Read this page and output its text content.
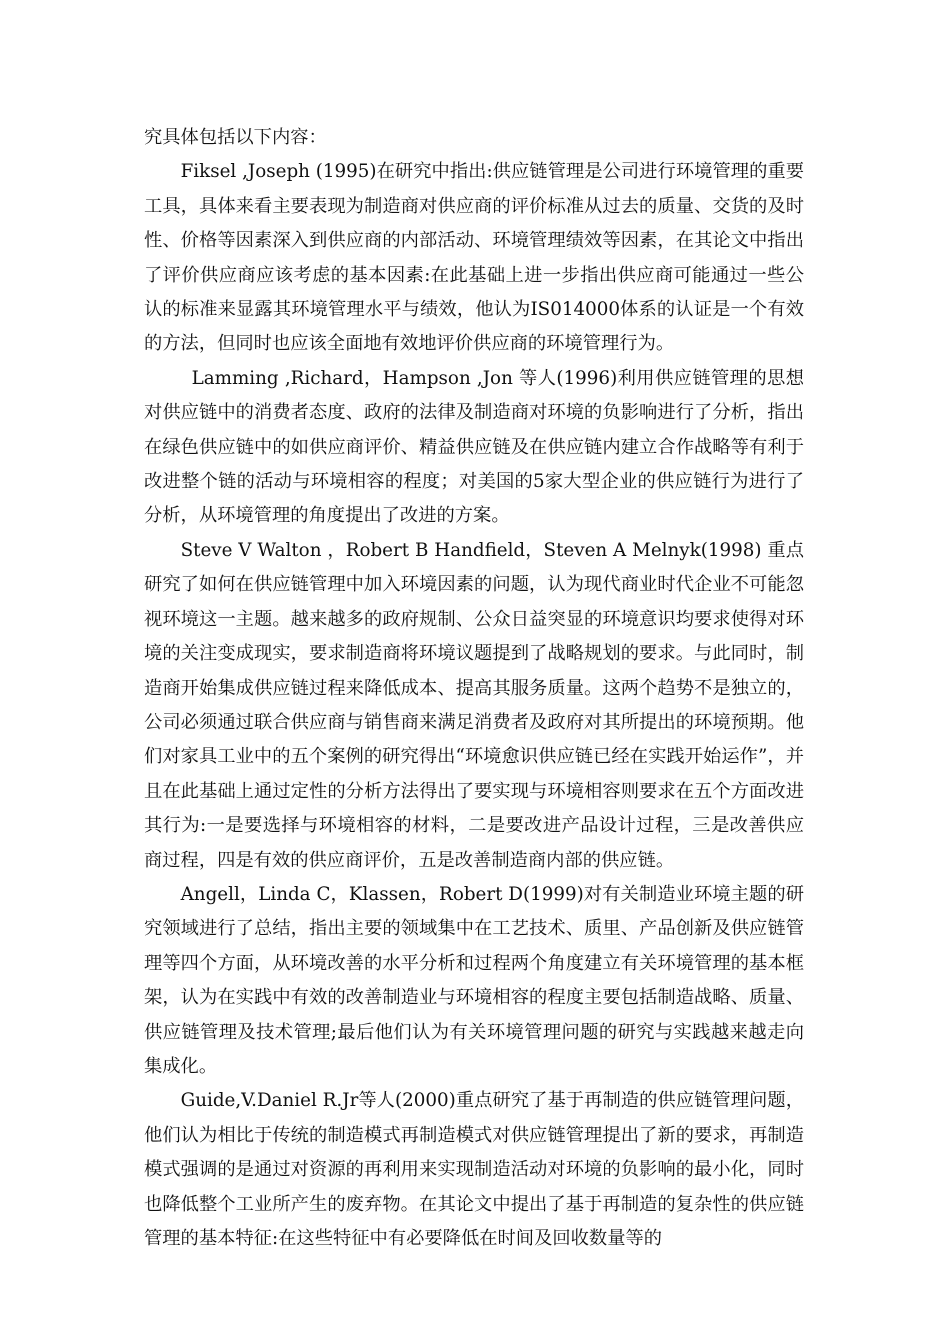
究具体包括以下内容：

Fiksel ,Joseph (1995)在研究中指出:供应链管理是公司进行环境管理的重要工具，具体来看主要表现为制造商对供应商的评价标准从过去的质量、交货的及时性、价格等因素深入到供应商的内部活动、环境管理绩效等因素，在其论文中指出了评价供应商应该考虑的基本因素:在此基础上进一步指出供应商可能通过一些公认的标准来显露其环境管理水平与绩效，他认为IS014000体系的认证是一个有效的方法，但同时也应该全面地有效地评价供应商的环境管理行为。

Lamming ,Richard，Hampson ,Jon 等人(1996)利用供应链管理的思想对供应链中的消费者态度、政府的法律及制造商对环境的负影响进行了分析，指出在绿色供应链中的如供应商评价、精益供应链及在供应链内建立合作战略等有利于改进整个链的活动与环境相容的程度；对美国的5家大型企业的供应链行为进行了分析，从环境管理的角度提出了改进的方案。

Steve V Walton ，Robert B Handfield，Steven A Melnyk(1998) 重点研究了如何在供应链管理中加入环境因素的问题，认为现代商业时代企业不可能忽视环境这一主题。越来越多的政府规制、公众日益突显的环境意识均要求使得对环境的关注变成现实，要求制造商将环境议题提到了战略规划的要求。与此同时，制造商开始集成供应链过程来降低成本、提高其服务质量。这两个趋势不是独立的，公司必须通过联合供应商与销售商来满足消费者及政府对其所提出的环境预期。他们对家具工业中的五个案例的研究得出“环境愈识供应链已经在实践开始运作”，并且在此基础上通过定性的分析方法得出了要实现与环境相容则要求在五个方面改进其行为:一是要选择与环境相容的材料，二是要改进产品设计过程，三是改善供应商过程，四是有效的供应商评价，五是改善制造商内部的供应链。

Angell，Linda C，Klassen，Robert D(1999)对有关制造业环境主题的研究领域进行了总结，指出主要的领域集中在工艺技术、质里、产品创新及供应链管理等四个方面，从环境改善的水平分析和过程两个角度建立有关环境管理的基本框架，认为在实践中有效的改善制造业与环境相容的程度主要包括制造战略、质量、供应链管理及技术管理;最后他们认为有关环境管理问题的研究与实践越来越走向集成化。

Guide,V.Daniel R.Jr等人(2000)重点研究了基于再制造的供应链管理问题，他们认为相比于传统的制造模式再制造模式对供应链管理提出了新的要求，再制造模式强调的是通过对资源的再利用来实现制造活动对环境的负影响的最小化，同时也降低整个工业所产生的废弃物。在其论文中提出了基于再制造的复杂性的供应链管理的基本特征:在这些特征中有必要降低在时间及回收数量等的
